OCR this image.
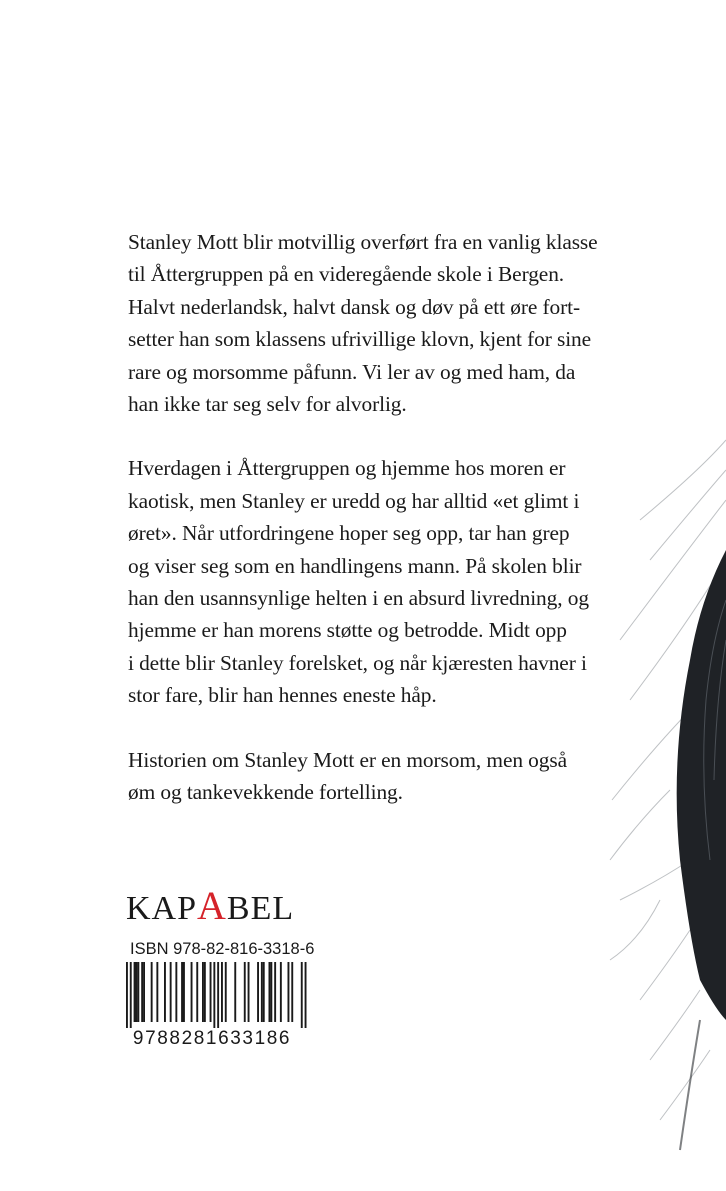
Stanley Mott blir motvillig overført fra en vanlig klasse
til Åttergruppen på en videregående skole i Bergen.
Halvt nederlandsk, halvt dansk og døv på ett øre fort-
setter han som klassens ufrivillige klovn, kjent for sine
rare og morsomme påfunn. Vi ler av og med ham, da
han ikke tar seg selv for alvorlig.

Hverdagen i Åttergruppen og hjemme hos moren er
kaotisk, men Stanley er uredd og har alltid «et glimt i
øret». Når utfordringene hoper seg opp, tar han grep
og viser seg som en handlingens mann. På skolen blir
han den usannsynlige helten i en absurd livredning, og
hjemme er han morens støtte og betrodde. Midt opp
i dette blir Stanley forelsket, og når kjæresten havner i
stor fare, blir han hennes eneste håp.

Historien om Stanley Mott er en morsom, men også
øm og tankevekkende fortelling.

KAPABEL
ISBN 978-82-816-3318-6
9788281633186
